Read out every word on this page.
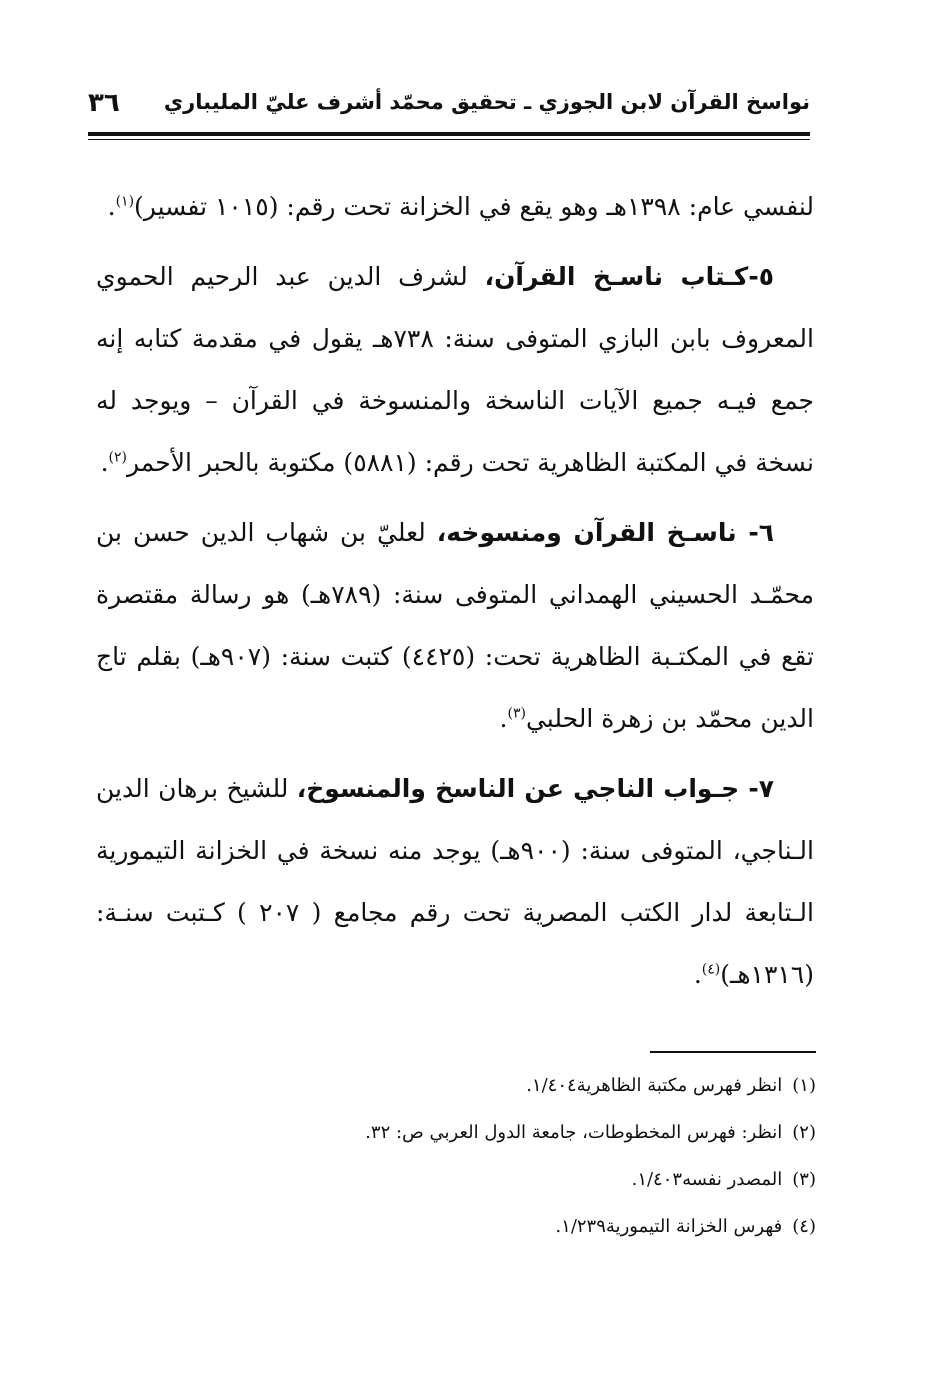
نواسخ القرآن لابن الجوزي ـ تحقيق محمّد أشرف عليّ المليباري
٣٦

لنفسي عام: ١٣٩٨هـ وهو يقع في الخزانة تحت رقم: (١٠١٥ تفسير)$^{(١)}$.

٥-كـتاب ناسـخ القرآن، لشرف الدين عبد الرحيم الحموي المعروف بابن البازي المتوفى سنة: ٧٣٨هـ يقول في مقدمة كتابه إنه جمع فيـه جميع الآيات الناسخة والمنسوخة في القرآن – ويوجد له نسخة في المكتبة الظاهرية تحت رقم: (٥٨٨١) مكتوبة بالحبر الأحمر$^{(٢)}$.

٦- ناسـخ القرآن ومنسوخه، لعليّ بن شهاب الدين حسن بن محمّـد الحسيني الهمداني المتوفى سنة: (٧٨٩هـ) هو رسالة مقتصرة تقع في المكتـبة الظاهرية تحت: (٤٤٢٥) كتبت سنة: (٩٠٧هـ) بقلم تاج الدين محمّد بن زهرة الحلبي$^{(٣)}$.

٧- جـواب الناجي عن الناسخ والمنسوخ، للشيخ برهان الدين الـناجي، المتوفى سنة: (٩٠٠هـ) يوجد منه نسخة في الخزانة التيمورية الـتابعة لدار الكتب المصرية تحت رقم مجامع ( ٢٠٧ ) كـتبت سنـة: (١٣١٦هـ)$^{(٤)}$.

(١)انظر فهرس مكتبة الظاهرية١/٤٠٤.
(٢)انظر: فهرس المخطوطات، جامعة الدول العربي ص: ٣٢.
(٣)المصدر نفسه١/٤٠٣.
(٤)فهرس الخزانة التيمورية١/٢٣٩.
